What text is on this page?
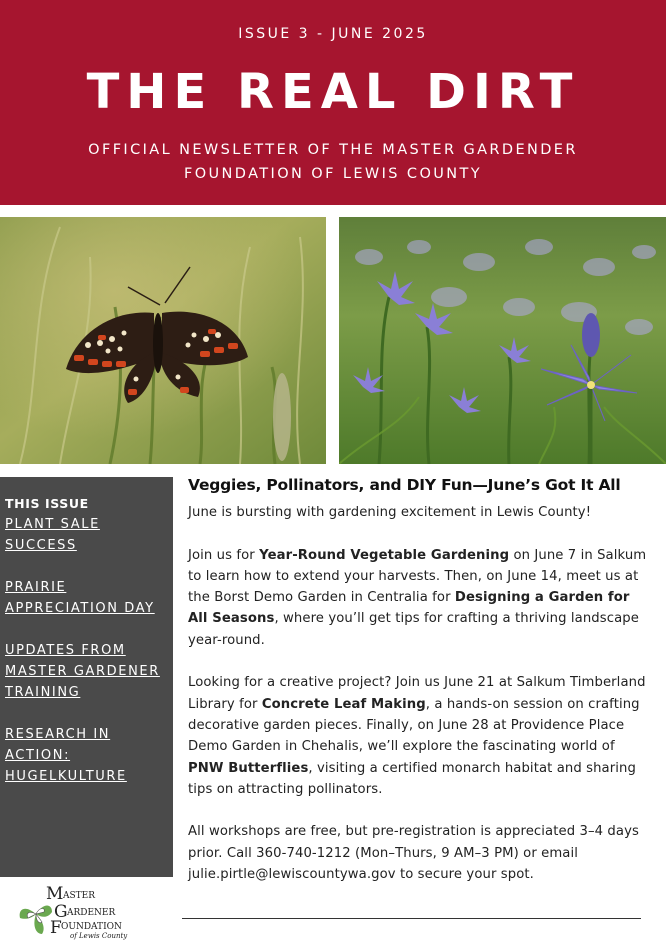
ISSUE 3 - JUNE 2025
THE REAL DIRT
OFFICIAL NEWSLETTER OF THE MASTER GARDENDER FOUNDATION OF LEWIS COUNTY
THIS ISSUE
PLANT SALE SUCCESS
PRAIRIE APPRECIATION DAY
UPDATES FROM MASTER GARDENER TRAINING
RESEARCH IN ACTION: HUGELKULTURE
M
G
F
ASTER
ARDENER
OUNDATION
of Lewis County
Veggies, Pollinators, and DIY Fun—June’s Got It All

June is bursting with gardening excitement in Lewis County!

Join us for Year-Round Vegetable Gardening on June 7 in Salkum to learn how to extend your harvests. Then, on June 14, meet us at the Borst Demo Garden in Centralia for Designing a Garden for All Seasons, where you’ll get tips for crafting a thriving landscape year-round.

Looking for a creative project? Join us June 21 at Salkum Timberland Library for Concrete Leaf Making, a hands-on session on crafting decorative garden pieces. Finally, on June 28 at Providence Place Demo Garden in Chehalis, we’ll explore the fascinating world of PNW Butterflies, visiting a certified monarch habitat and sharing tips on attracting pollinators.

All workshops are free, but pre-registration is appreciated 3–4 days prior. Call 360-740-1212 (Mon–Thurs, 9 AM–3 PM) or email julie.pirtle@lewiscountywa.gov to secure your spot.
